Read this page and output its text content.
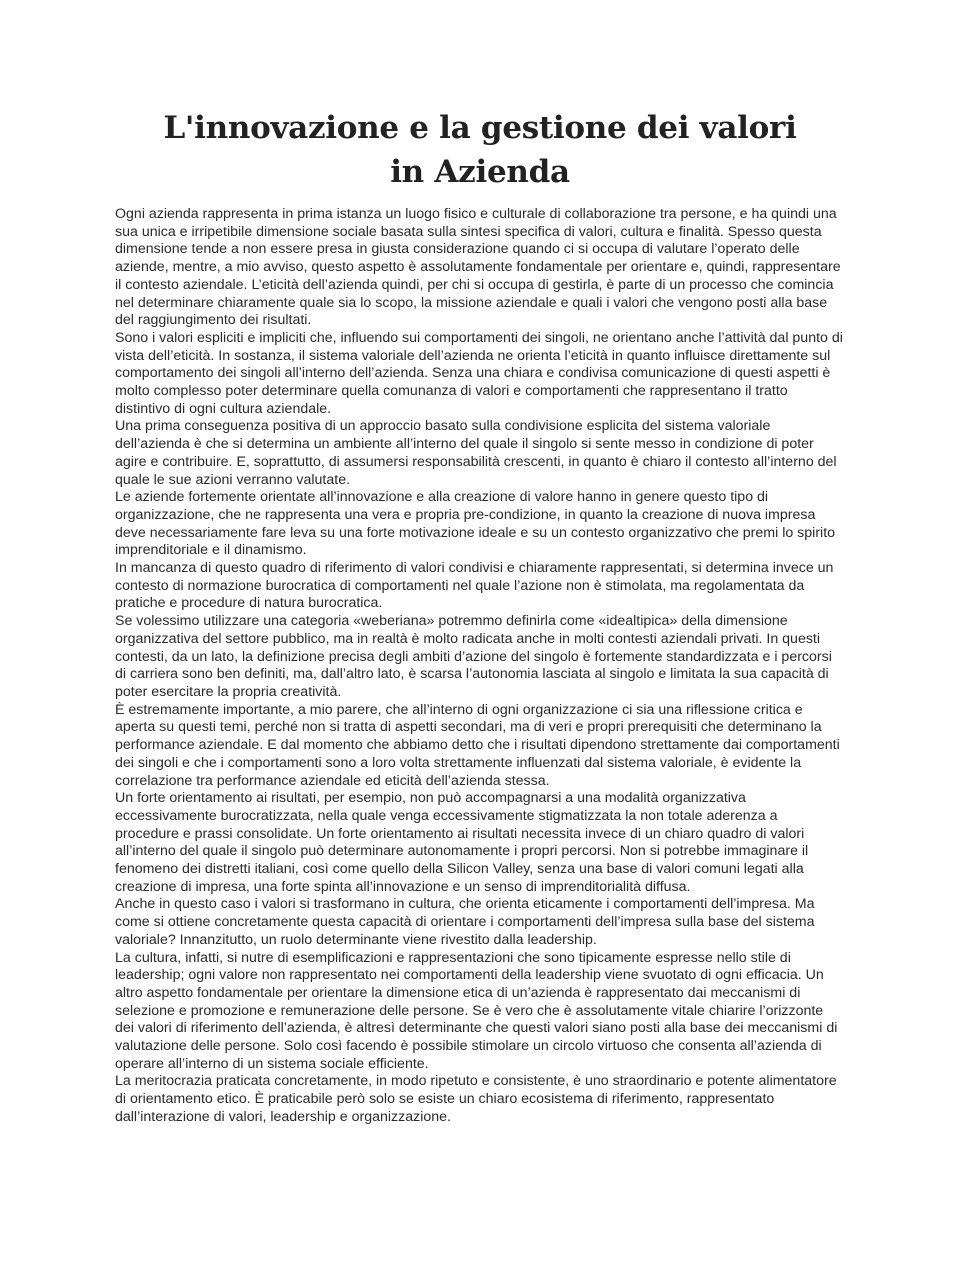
L'innovazione e la gestione dei valori
in Azienda

Ogni azienda rappresenta in prima istanza un luogo fisico e culturale di collaborazione tra persone, e ha quindi una sua unica e irripetibile dimensione sociale basata sulla sintesi specifica di valori, cultura e finalità. Spesso questa dimensione tende a non essere presa in giusta considerazione quando ci si occupa di valutare l’operato delle aziende, mentre, a mio avviso, questo aspetto è assolutamente fondamentale per orientare e, quindi, rappresentare il contesto aziendale. L’eticità dell’azienda quindi, per chi si occupa di gestirla, è parte di un processo che comincia nel determinare chiaramente quale sia lo scopo, la missione aziendale e quali i valori che vengono posti alla base del raggiungimento dei risultati.

Sono i valori espliciti e impliciti che, influendo sui comportamenti dei singoli, ne orientano anche l’attività dal punto di vista dell’eticità. In sostanza, il sistema valoriale dell’azienda ne orienta l’eticità in quanto influisce direttamente sul comportamento dei singoli all’interno dell’azienda. Senza una chiara e condivisa comunicazione di questi aspetti è molto complesso poter determinare quella comunanza di valori e comportamenti che rappresentano il tratto distintivo di ogni cultura aziendale.

Una prima conseguenza positiva di un approccio basato sulla condivisione esplicita del sistema valoriale dell’azienda è che si determina un ambiente all’interno del quale il singolo si sente messo in condizione di poter agire e contribuire. E, soprattutto, di assumersi responsabilità crescenti, in quanto è chiaro il contesto all’interno del quale le sue azioni verranno valutate.

Le aziende fortemente orientate all’innovazione e alla creazione di valore hanno in genere questo tipo di organizzazione, che ne rappresenta una vera e propria pre-condizione, in quanto la creazione di nuova impresa deve necessariamente fare leva su una forte motivazione ideale e su un contesto organizzativo che premi lo spirito imprenditoriale e il dinamismo.

In mancanza di questo quadro di riferimento di valori condivisi e chiaramente rappresentati, si determina invece un contesto di normazione burocratica di comportamenti nel quale l’azione non è stimolata, ma regolamentata da pratiche e procedure di natura burocratica.

Se volessimo utilizzare una categoria «weberiana» potremmo definirla come «idealtipica» della dimensione organizzativa del settore pubblico, ma in realtà è molto radicata anche in molti contesti aziendali privati. In questi contesti, da un lato, la definizione precisa degli ambiti d’azione del singolo è fortemente standardizzata e i percorsi di carriera sono ben definiti, ma, dall’altro lato, è scarsa l’autonomia lasciata al singolo e limitata la sua capacità di poter esercitare la propria creatività.

È estremamente importante, a mio parere, che all’interno di ogni organizzazione ci sia una riflessione critica e aperta su questi temi, perché non si tratta di aspetti secondari, ma di veri e propri prerequisiti che determinano la performance aziendale. E dal momento che abbiamo detto che i risultati dipendono strettamente dai comportamenti dei singoli e che i comportamenti sono a loro volta strettamente influenzati dal sistema valoriale, è evidente la correlazione tra performance aziendale ed eticità dell’azienda stessa.

Un forte orientamento ai risultati, per esempio, non può accompagnarsi a una modalità organizzativa eccessivamente burocratizzata, nella quale venga eccessivamente stigmatizzata la non totale aderenza a procedure e prassi consolidate. Un forte orientamento ai risultati necessita invece di un chiaro quadro di valori all’interno del quale il singolo può determinare autonomamente i propri percorsi. Non si potrebbe immaginare il fenomeno dei distretti italiani, così come quello della Silicon Valley, senza una base di valori comuni legati alla creazione di impresa, una forte spinta all’innovazione e un senso di imprenditorialità diffusa.

Anche in questo caso i valori si trasformano in cultura, che orienta eticamente i comportamenti dell’impresa. Ma come si ottiene concretamente questa capacità di orientare i comportamenti dell’impresa sulla base del sistema valoriale? Innanzitutto, un ruolo determinante viene rivestito dalla leadership.

La cultura, infatti, si nutre di esemplificazioni e rappresentazioni che sono tipicamente espresse nello stile di leadership; ogni valore non rappresentato nei comportamenti della leadership viene svuotato di ogni efficacia. Un altro aspetto fondamentale per orientare la dimensione etica di un’azienda è rappresentato dai meccanismi di selezione e promozione e remunerazione delle persone. Se è vero che è assolutamente vitale chiarire l’orizzonte dei valori di riferimento dell’azienda, è altresì determinante che questi valori siano posti alla base dei meccanismi di valutazione delle persone. Solo così facendo è possibile stimolare un circolo virtuoso che consenta all’azienda di operare all’interno di un sistema sociale efficiente.

La meritocrazia praticata concretamente, in modo ripetuto e consistente, è uno straordinario e potente alimentatore di orientamento etico. È praticabile però solo se esiste un chiaro ecosistema di riferimento, rappresentato dall’interazione di valori, leadership e organizzazione.
